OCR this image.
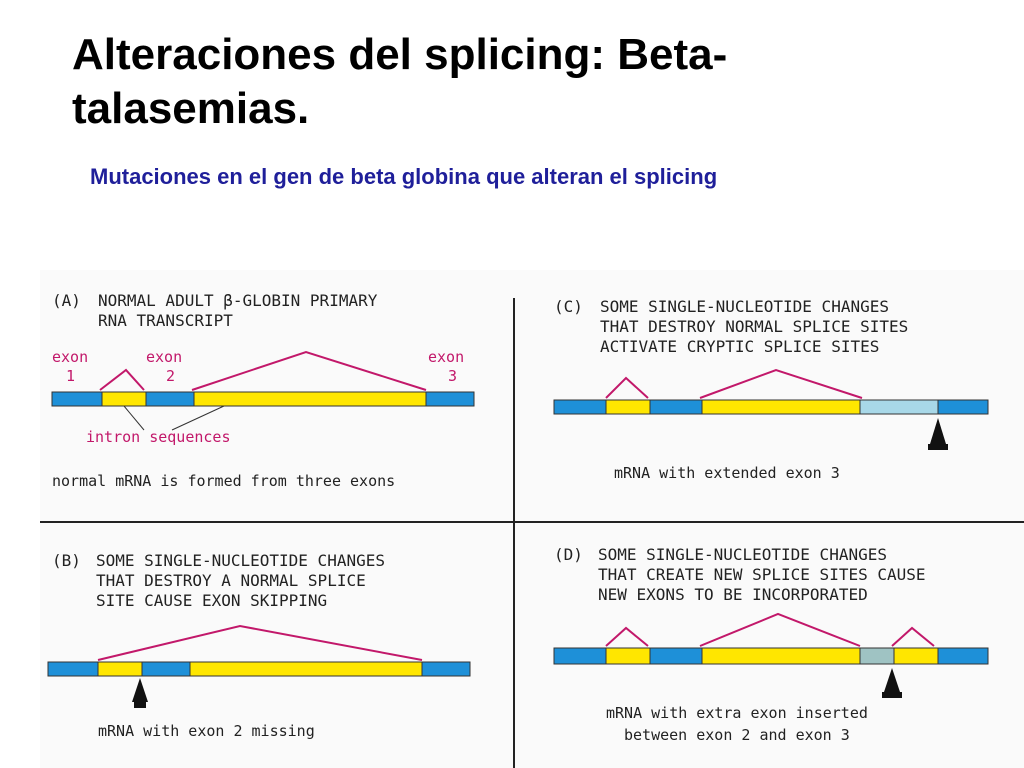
Alteraciones del splicing: Beta-
talasemias.
Mutaciones en el gen de beta globina que alteran el splicing
(A) NORMAL ADULT β-GLOBIN PRIMARY
RNA TRANSCRIPT
exon
1
exon
2
exon
3
intron sequences
normal mRNA is formed from three exons
(B) SOME SINGLE-NUCLEOTIDE CHANGES
THAT DESTROY A NORMAL SPLICE
SITE CAUSE EXON SKIPPING
mRNA with exon 2 missing
(C) SOME SINGLE-NUCLEOTIDE CHANGES
THAT DESTROY NORMAL SPLICE SITES
ACTIVATE CRYPTIC SPLICE SITES
mRNA with extended exon 3
(D) SOME SINGLE-NUCLEOTIDE CHANGES
THAT CREATE NEW SPLICE SITES CAUSE
NEW EXONS TO BE INCORPORATED
mRNA with extra exon inserted
between exon 2 and exon 3
